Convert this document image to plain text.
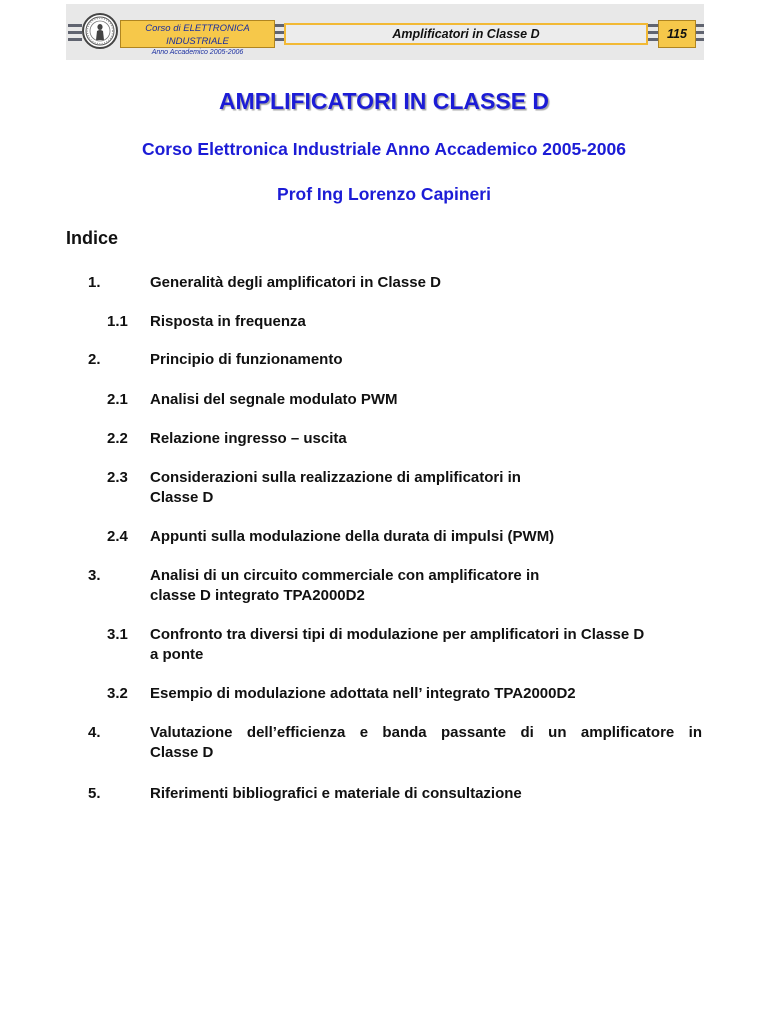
Corso di ELETTRONICA INDUSTRIALE
Anno Accademico 2005-2006
Amplificatori in Classe D	115
AMPLIFICATORI IN CLASSE D

Corso Elettronica Industriale Anno Accademico 2005-2006

Prof Ing Lorenzo Capineri

Indice
1.	Generalità degli amplificatori in Classe D
1.1 Risposta in frequenza
2.	Principio di funzionamento
2.1 Analisi del segnale modulato PWM
2.2 Relazione ingresso – uscita
2.3 Considerazioni sulla realizzazione di amplificatori in
Classe D
2.4 Appunti sulla modulazione della durata di impulsi (PWM)
3.	Analisi di un circuito commerciale con amplificatore in
classe D integrato TPA2000D2
3.1 Confronto tra diversi tipi di modulazione per amplificatori in Classe D
a ponte
3.2 Esempio di modulazione adottata nell’ integrato TPA2000D2
4.	Valutazione dell’efficienza e banda passante di un amplificatore in
Classe D
5.	Riferimenti bibliografici e materiale di consultazione
